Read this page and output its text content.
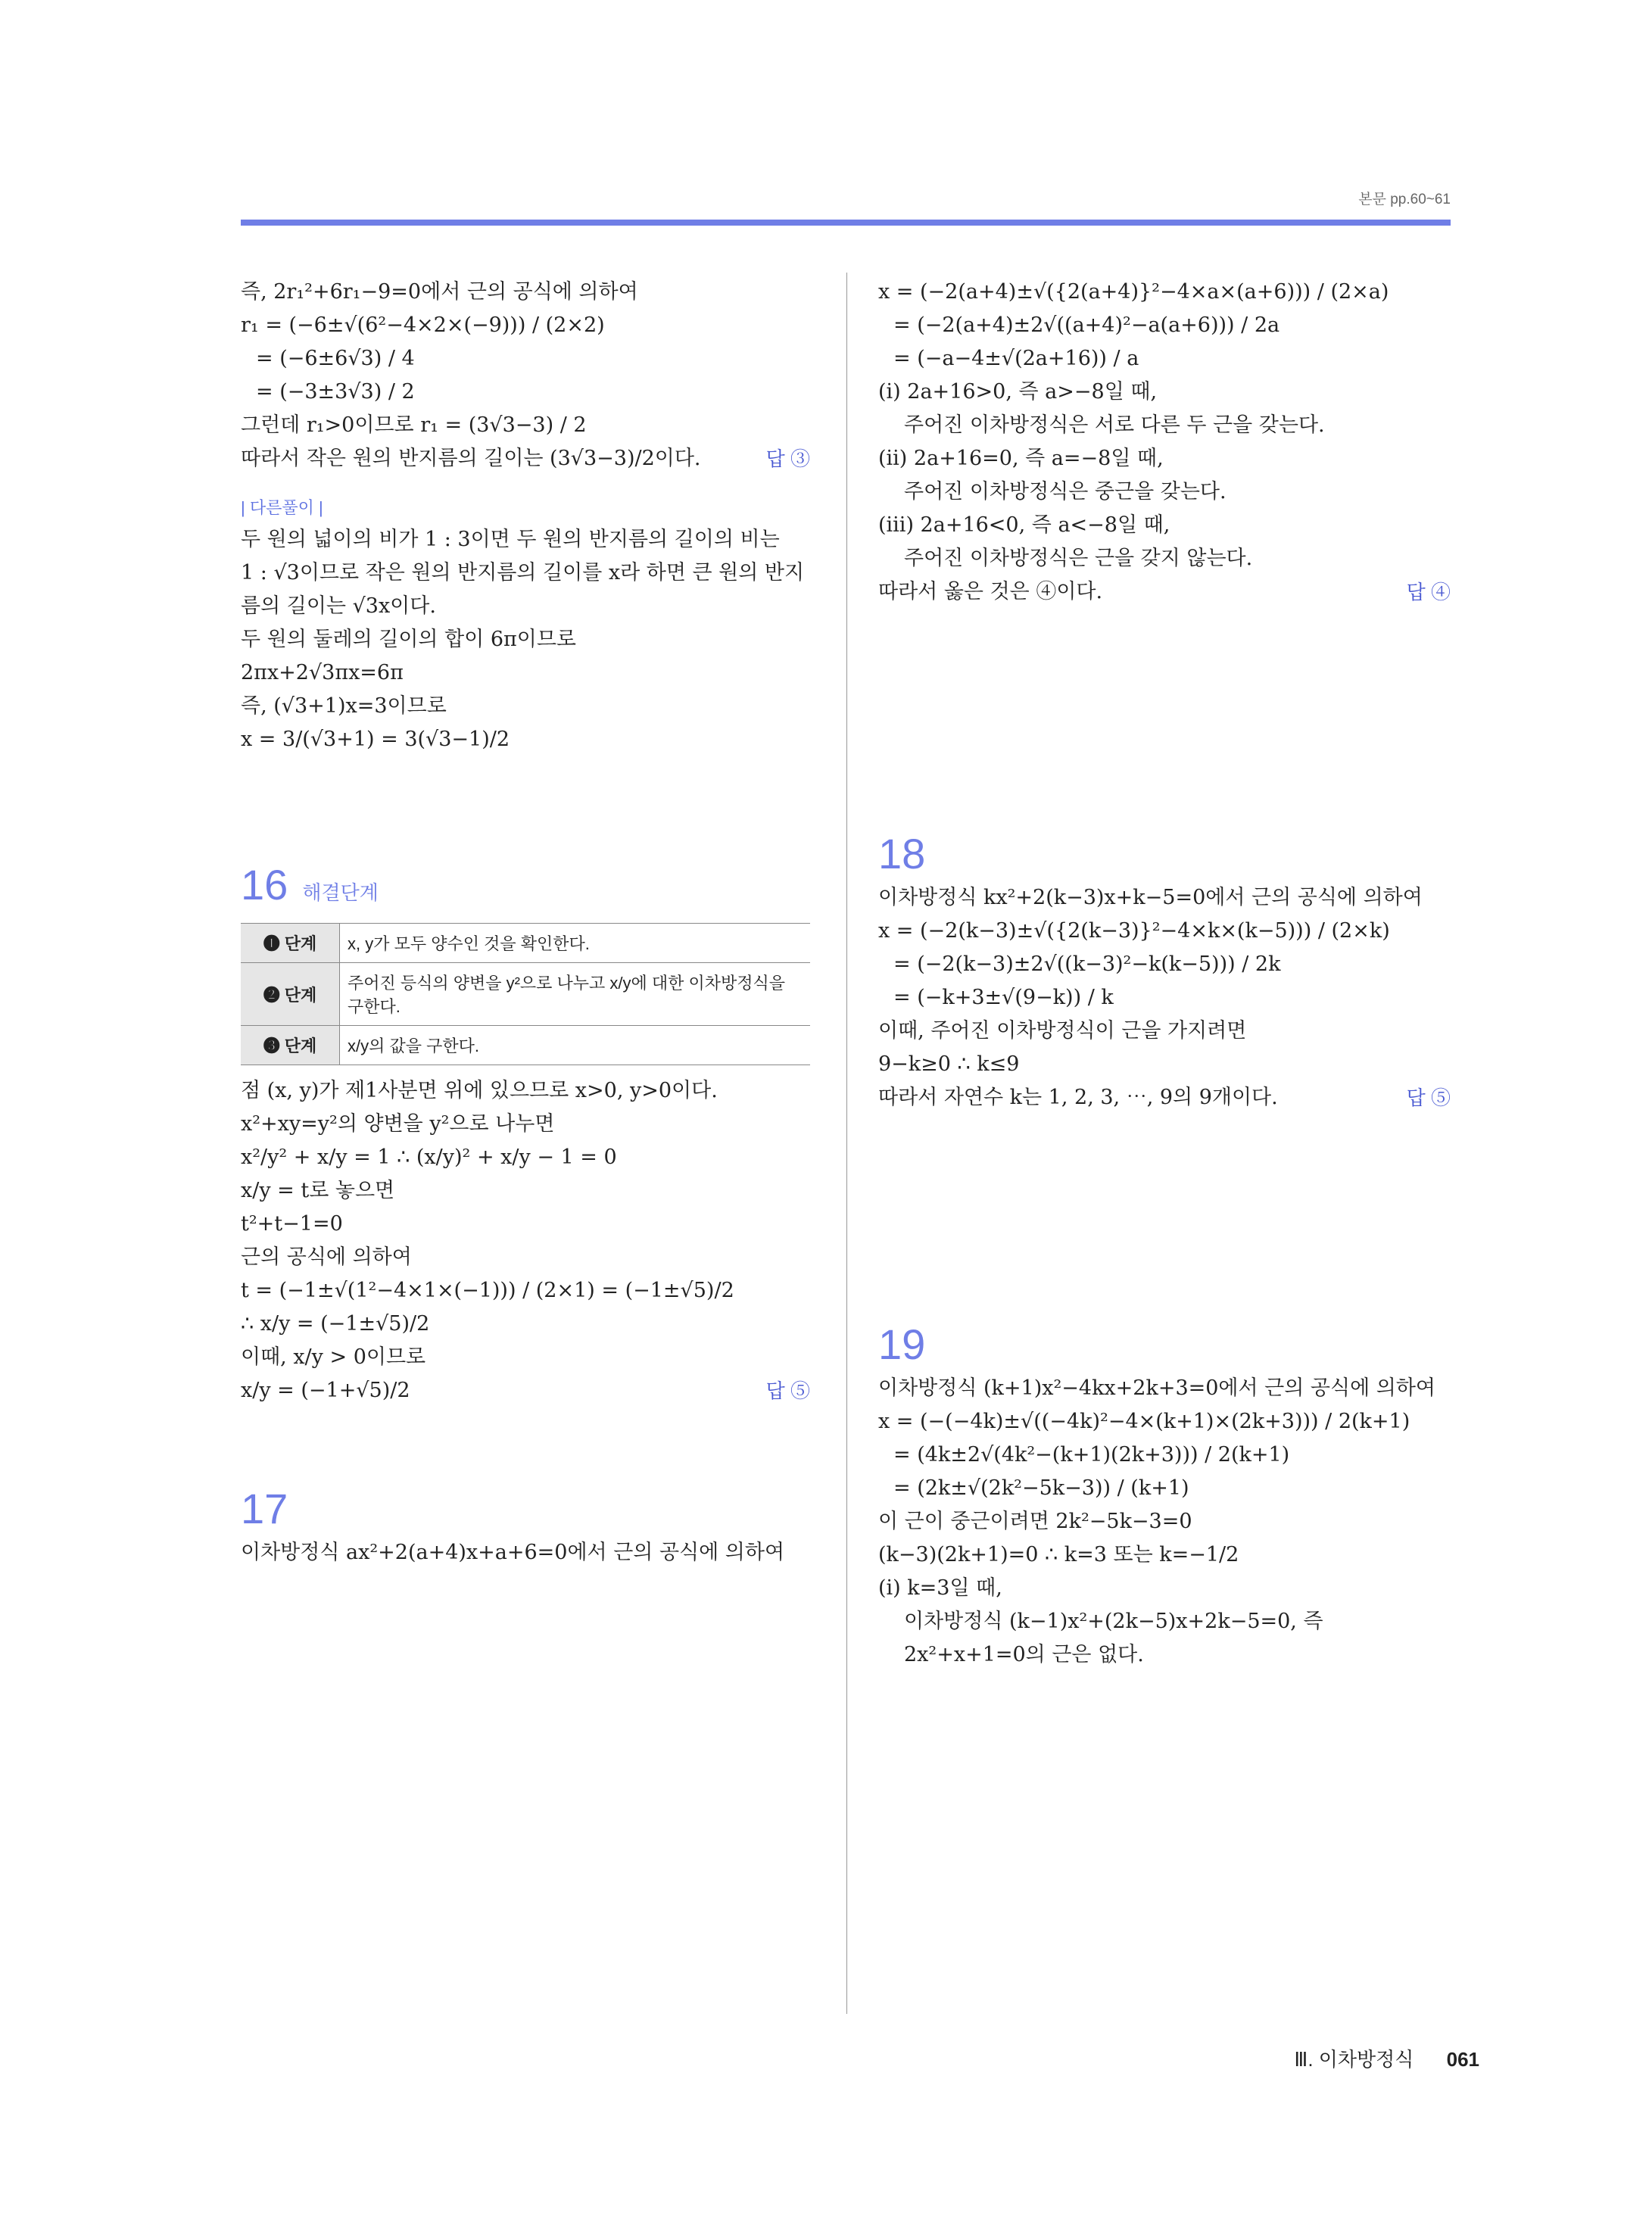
본문 pp.60~61
즉, 2r₁²+6r₁−9=0에서 근의 공식에 의하여
r₁ = (−6±√(6²−4×2×(−9))) / (2×2)
= (−6±6√3) / 4
= (−3±3√3) / 2
그런데 r₁>0이므로 r₁ = (3√3−3) / 2
따라서 작은 원의 반지름의 길이는 (3√3−3)/2이다.	답 ③
| 다른풀이 |
두 원의 넓이의 비가 1 : 3이면 두 원의 반지름의 길이의 비는
1 : √3이므로 작은 원의 반지름의 길이를 x라 하면 큰 원의 반지
름의 길이는 √3x이다.
두 원의 둘레의 길이의 합이 6π이므로
2πx+2√3πx=6π
즉, (√3+1)x=3이므로
x = 3/(√3+1) = 3(√3−1)/2
16 해결단계
❶ 단계	x, y가 모두 양수인 것을 확인한다.
❷ 단계	주어진 등식의 양변을 y²으로 나누고 x/y에 대한 이차방정식을 구한다.
❸ 단계	x/y의 값을 구한다.
점 (x, y)가 제1사분면 위에 있으므로 x>0, y>0이다.
x²+xy=y²의 양변을 y²으로 나누면
x²/y² + x/y = 1 ∴ (x/y)² + x/y − 1 = 0
x/y = t로 놓으면
t²+t−1=0
근의 공식에 의하여
t = (−1±√(1²−4×1×(−1))) / (2×1) = (−1±√5)/2
∴ x/y = (−1±√5)/2
이때, x/y > 0이므로
x/y = (−1+√5)/2	답 ⑤
17
이차방정식 ax²+2(a+4)x+a+6=0에서 근의 공식에 의하여
x = (−2(a+4)±√({2(a+4)}²−4×a×(a+6))) / (2×a)
= (−2(a+4)±2√((a+4)²−a(a+6))) / 2a
= (−a−4±√(2a+16)) / a
(ⅰ) 2a+16>0, 즉 a>−8일 때,
주어진 이차방정식은 서로 다른 두 근을 갖는다.
(ⅱ) 2a+16=0, 즉 a=−8일 때,
주어진 이차방정식은 중근을 갖는다.
(ⅲ) 2a+16<0, 즉 a<−8일 때,
주어진 이차방정식은 근을 갖지 않는다.
따라서 옳은 것은 ④이다.	답 ④
18
이차방정식 kx²+2(k−3)x+k−5=0에서 근의 공식에 의하여
x = (−2(k−3)±√({2(k−3)}²−4×k×(k−5))) / (2×k)
= (−2(k−3)±2√((k−3)²−k(k−5))) / 2k
= (−k+3±√(9−k)) / k
이때, 주어진 이차방정식이 근을 가지려면
9−k≥0 ∴ k≤9
따라서 자연수 k는 1, 2, 3, ⋯, 9의 9개이다.	답 ⑤
19
이차방정식 (k+1)x²−4kx+2k+3=0에서 근의 공식에 의하여
x = (−(−4k)±√((−4k)²−4×(k+1)×(2k+3))) / 2(k+1)
= (4k±2√(4k²−(k+1)(2k+3))) / 2(k+1)
= (2k±√(2k²−5k−3)) / (k+1)
이 근이 중근이려면 2k²−5k−3=0
(k−3)(2k+1)=0 ∴ k=3 또는 k=−1/2
(ⅰ) k=3일 때,
이차방정식 (k−1)x²+(2k−5)x+2k−5=0, 즉
2x²+x+1=0의 근은 없다.
Ⅲ. 이차방정식 061
